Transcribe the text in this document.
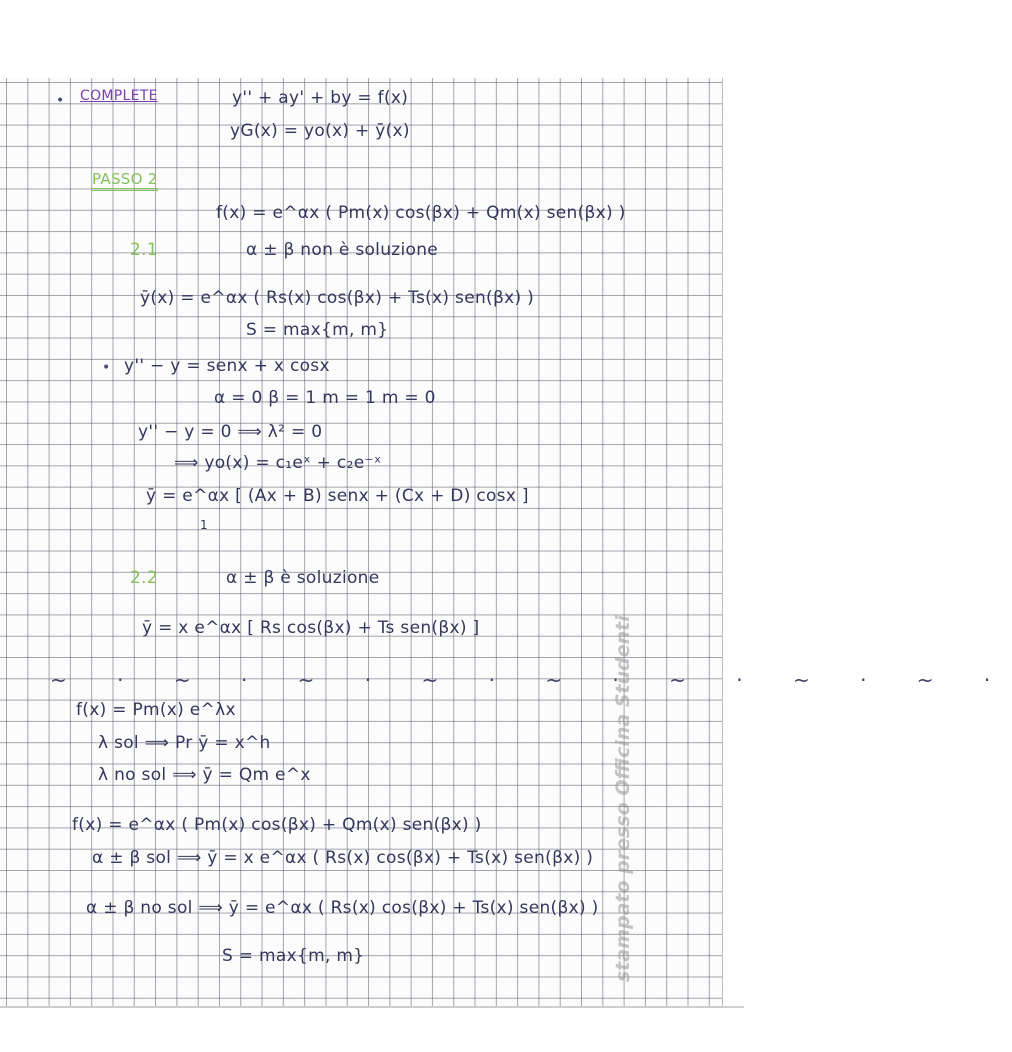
• COMPLETE	y'' + ay' + by = f(x)
yG(x) = yo(x) + ȳ(x)
PASSO 2
f(x) = e^αx ( Pm(x) cos(βx) + Qm(x) sen(βx) )
2.1	α ± β non è soluzione
ȳ(x) = e^αx ( Rs(x) cos(βx) + Ts(x) sen(βx) )
S = max{m, m}
• y'' − y = senx + x cosx
α = 0 β = 1 m = 1 m = 0
y'' − y = 0 ⟹ λ² = 0
⟹ yo(x) = c₁eˣ + c₂e⁻ˣ
ȳ = e^αx [ (Ax + B) senx + (Cx + D) cosx ]
1
2.2	α ± β è soluzione
ȳ = x e^αx [ Rs cos(βx) + Ts sen(βx) ]
~ · ~ · ~ · ~ · ~ · ~ · ~ · ~ ·
f(x) = Pm(x) e^λx
λ sol ⟹ Pr ȳ = x^h
λ no sol ⟹ ȳ = Qm e^x
f(x) = e^αx ( Pm(x) cos(βx) + Qm(x) sen(βx) )
α ± β sol ⟹ ȳ = x e^αx ( Rs(x) cos(βx) + Ts(x) sen(βx) )
α ± β no sol ⟹ ȳ = e^αx ( Rs(x) cos(βx) + Ts(x) sen(βx) )
S = max{m, m}	stampato presso Officina Studenti
